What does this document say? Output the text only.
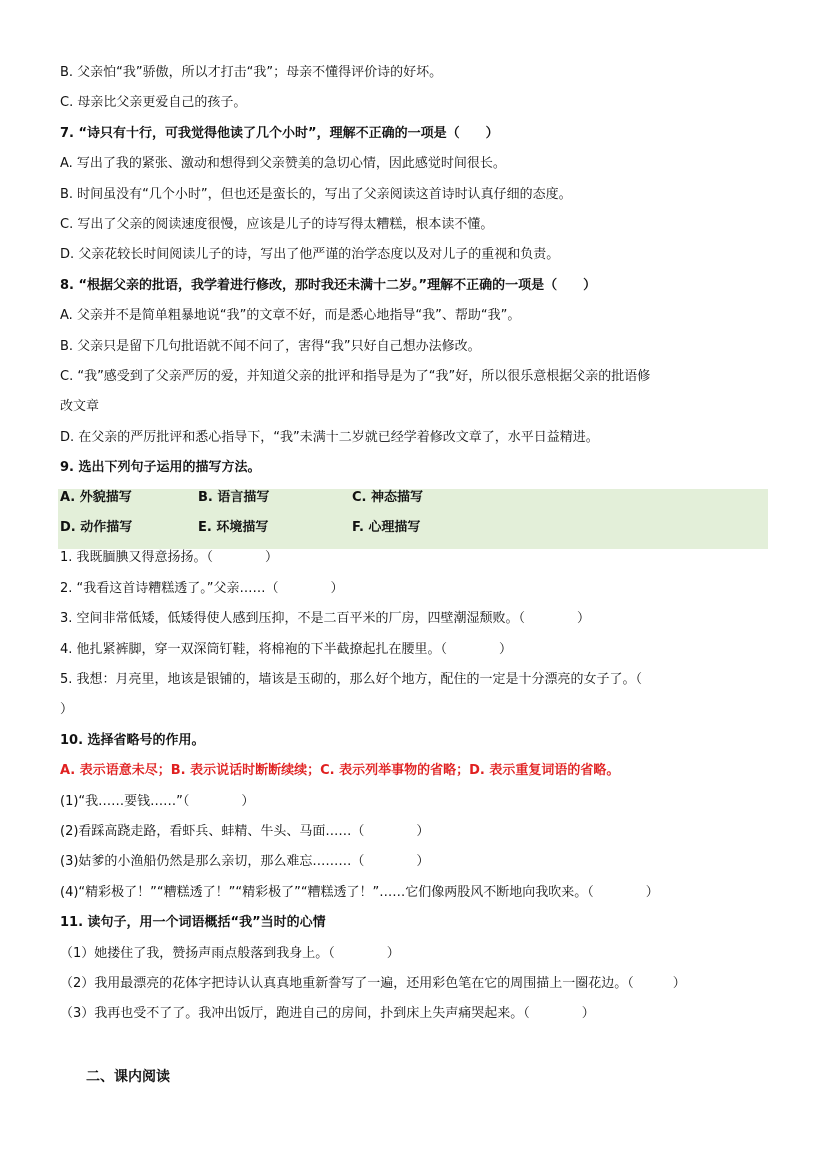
B. 父亲怕“我”骄傲，所以才打击“我”；母亲不懂得评价诗的好坏。
C. 母亲比父亲更爱自己的孩子。
7. “诗只有十行，可我觉得他读了几个小时”，理解不正确的一项是（　　）
A. 写出了我的紧张、激动和想得到父亲赞美的急切心情，因此感觉时间很长。
B. 时间虽没有“几个小时”，但也还是蛮长的，写出了父亲阅读这首诗时认真仔细的态度。
C. 写出了父亲的阅读速度很慢，应该是儿子的诗写得太糟糕，根本读不懂。
D. 父亲花较长时间阅读儿子的诗，写出了他严谨的治学态度以及对儿子的重视和负责。
8. “根据父亲的批语，我学着进行修改，那时我还未满十二岁。”理解不正确的一项是（　　）
A. 父亲并不是简单粗暴地说“我”的文章不好，而是悉心地指导“我”、帮助“我”。
B. 父亲只是留下几句批语就不闻不问了，害得“我”只好自己想办法修改。
C. “我”感受到了父亲严厉的爱，并知道父亲的批评和指导是为了“我”好，所以很乐意根据父亲的批语修
改文章
D. 在父亲的严厉批评和悉心指导下，“我”未满十二岁就已经学着修改文章了，水平日益精进。
9. 选出下列句子运用的描写方法。
A. 外貌描写	B. 语言描写	C. 神态描写
D. 动作描写	E. 环境描写	F. 心理描写
1. 我既腼腆又得意扬扬。（　　　　）
2. “我看这首诗糟糕透了。”父亲……（　　　　）
3. 空间非常低矮，低矮得使人感到压抑，不是二百平米的厂房，四壁潮湿颓败。（　　　　）
4. 他扎紧裤脚，穿一双深筒钉鞋，将棉袍的下半截撩起扎在腰里。（　　　　）
5. 我想：月亮里，地该是银铺的，墙该是玉砌的，那么好个地方，配住的一定是十分漂亮的女子了。（
）
10. 选择省略号的作用。
A. 表示语意未尽；B. 表示说话时断断续续；C. 表示列举事物的省略；D. 表示重复词语的省略。
(1)“我……要钱……”（　　　　）
(2)看踩高跷走路，看虾兵、蚌精、牛头、马面……（　　　　）
(3)姑爹的小渔船仍然是那么亲切，那么难忘………（　　　　）
(4)“精彩极了！”“糟糕透了！”“精彩极了”“糟糕透了！”……它们像两股风不断地向我吹来。（　　　　）
11. 读句子，用一个词语概括“我”当时的心情
（1）她搂住了我，赞扬声雨点般落到我身上。（　　　　）
（2）我用最漂亮的花体字把诗认认真真地重新誊写了一遍，还用彩色笔在它的周围描上一圈花边。（　　　）
（3）我再也受不了了。我冲出饭厅，跑进自己的房间，扑到床上失声痛哭起来。（　　　　）
二、课内阅读
